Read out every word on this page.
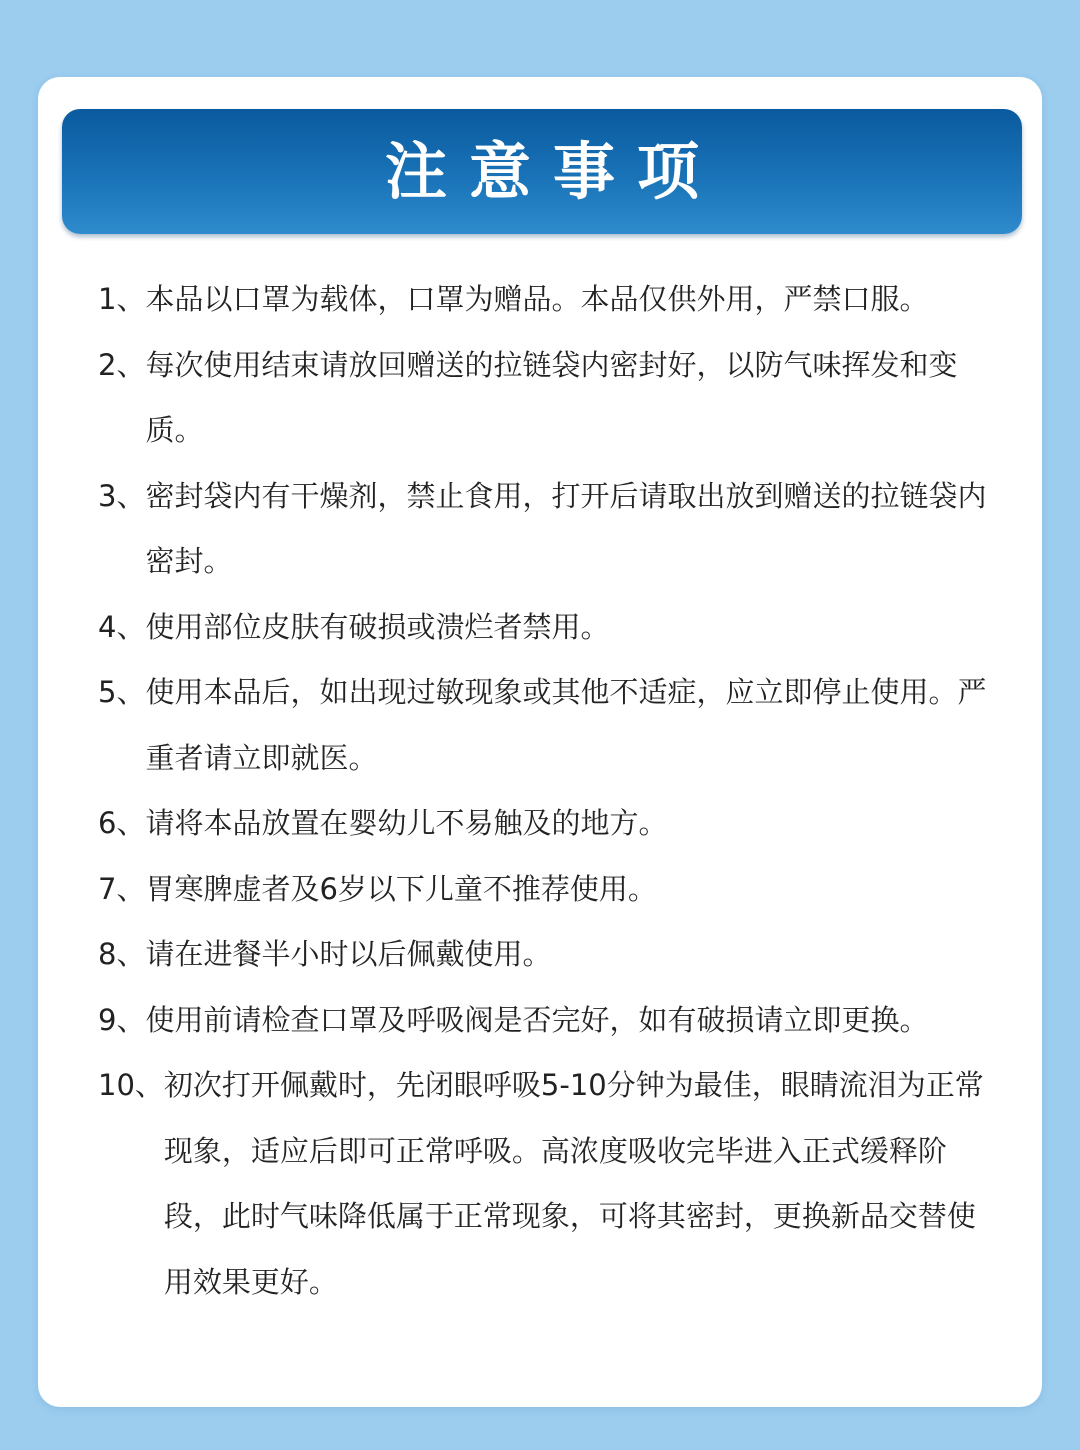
注意事项
1、 本品以口罩为载体，口罩为赠品。本品仅供外用，严禁口服。
2、 每次使用结束请放回赠送的拉链袋内密封好，以防气味挥发和变质。
3、 密封袋内有干燥剂，禁止食用，打开后请取出放到赠送的拉链袋内密封。
4、 使用部位皮肤有破损或溃烂者禁用。
5、 使用本品后，如出现过敏现象或其他不适症，应立即停止使用。严重者请立即就医。
6、 请将本品放置在婴幼儿不易触及的地方。
7、 胃寒脾虚者及6岁以下儿童不推荐使用。
8、 请在进餐半小时以后佩戴使用。
9、 使用前请检查口罩及呼吸阀是否完好，如有破损请立即更换。
10、 初次打开佩戴时，先闭眼呼吸5-10分钟为最佳，眼睛流泪为正常现象，适应后即可正常呼吸。高浓度吸收完毕进入正式缓释阶段，此时气味降低属于正常现象，可将其密封，更换新品交替使用效果更好。
